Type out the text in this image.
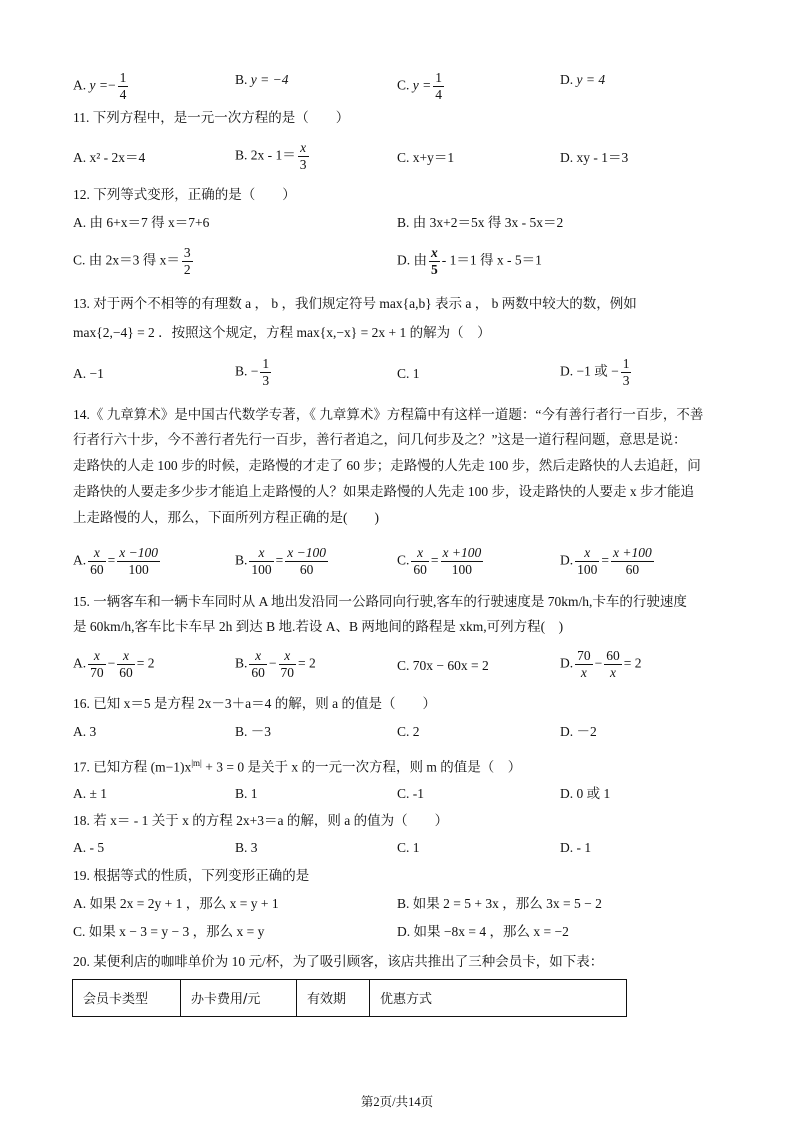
A. $y =- \frac{1}{4}$	B. y = −4	C. $y = \frac{1}{4}$	D. y = 4
11. 下列方程中，是一元一次方程的是（　　）
A. x² - 2x＝4	B. $2x - 1= \frac{x}{3}$	C. x+y＝1	D. xy - 1＝3
12. 下列等式变形，正确的是（　　）
A. 由 6+x＝7 得 x＝7+6	B. 由 3x+2＝5x 得 3x - 5x＝2
C. 由 2x＝3 得 $x= \frac{3}{2}$	D. 由 $\frac{x}{5} - 1=1$ 得 x - 5＝1
13. 对于两个不相等的有理数 a ， b ，我们规定符号 max{a,b} 表示 a ， b 两数中较大的数，例如
max{2,−4} = 2 ．按照这个规定，方程 max{x,−x} = 2x + 1 的解为（　）
A. −1	B. − $\frac{1}{3}$	C. 1	D. −1 或 − $\frac{1}{3}$
14.《 九章算术》是中国古代数学专著，《 九章算术》方程篇中有这样一道题：“今有善行者行一百步，不善
行者行六十步，今不善行者先行一百步，善行者追之，问几何步及之？”这是一道行程问题，意思是说：
走路快的人走 100 步的时候，走路慢的才走了 60 步；走路慢的人先走 100 步，然后走路快的人去追赶，问
走路快的人要走多少步才能追上走路慢的人？如果走路慢的人先走 100 步，设走路快的人要走 x 步才能追
上走路慢的人，那么，下面所列方程正确的是(　　)
A. $\frac{x}{60} = \frac{x -100}{100}$	B. $\frac{x}{100} = \frac{x -100}{60}$	C. $\frac{x}{60} = \frac{x +100}{100}$	D. $\frac{x}{100} = \frac{x +100}{60}$
15. 一辆客车和一辆卡车同时从 A 地出发沿同一公路同向行驶,客车的行驶速度是 70km/h,卡车的行驶速度
是 60km/h,客车比卡车早 2h 到达 B 地.若设 A、B 两地间的路程是 xkm,可列方程(　)
A. $\frac{x}{70} - \frac{x}{60} = 2$	B. $\frac{x}{60} - \frac{x}{70} = 2$	C. 70x − 60x = 2	D. $\frac{70}{x} - \frac{60}{x} = 2$
16. 已知 x＝5 是方程 2x－3＋a＝4 的解，则 a 的值是（　　）
A. 3	B. －3	C. 2	D. －2
17. 已知方程 $(m-1)x^{|m|} + 3 = 0$ 是关于 x 的一元一次方程，则 m 的值是（　）
A. ± 1	B. 1	C. -1	D. 0 或 1
18. 若 x＝ - 1 关于 x 的方程 2x+3＝a 的解，则 a 的值为（　　）
A. - 5	B. 3	C. 1	D. - 1
19. 根据等式的性质，下列变形正确的是
A. 如果 2x = 2y + 1 ，那么 x = y + 1	B. 如果 2 = 5 + 3x ，那么 3x = 5 − 2
C. 如果 x − 3 = y − 3 ，那么 x = y	D. 如果 −8x = 4 ，那么 x = −2
20. 某便利店的咖啡单价为 10 元/杯，为了吸引顾客，该店共推出了三种会员卡，如下表：
会员卡类型	办卡费用/元	有效期	优惠方式
第2页/共14页
